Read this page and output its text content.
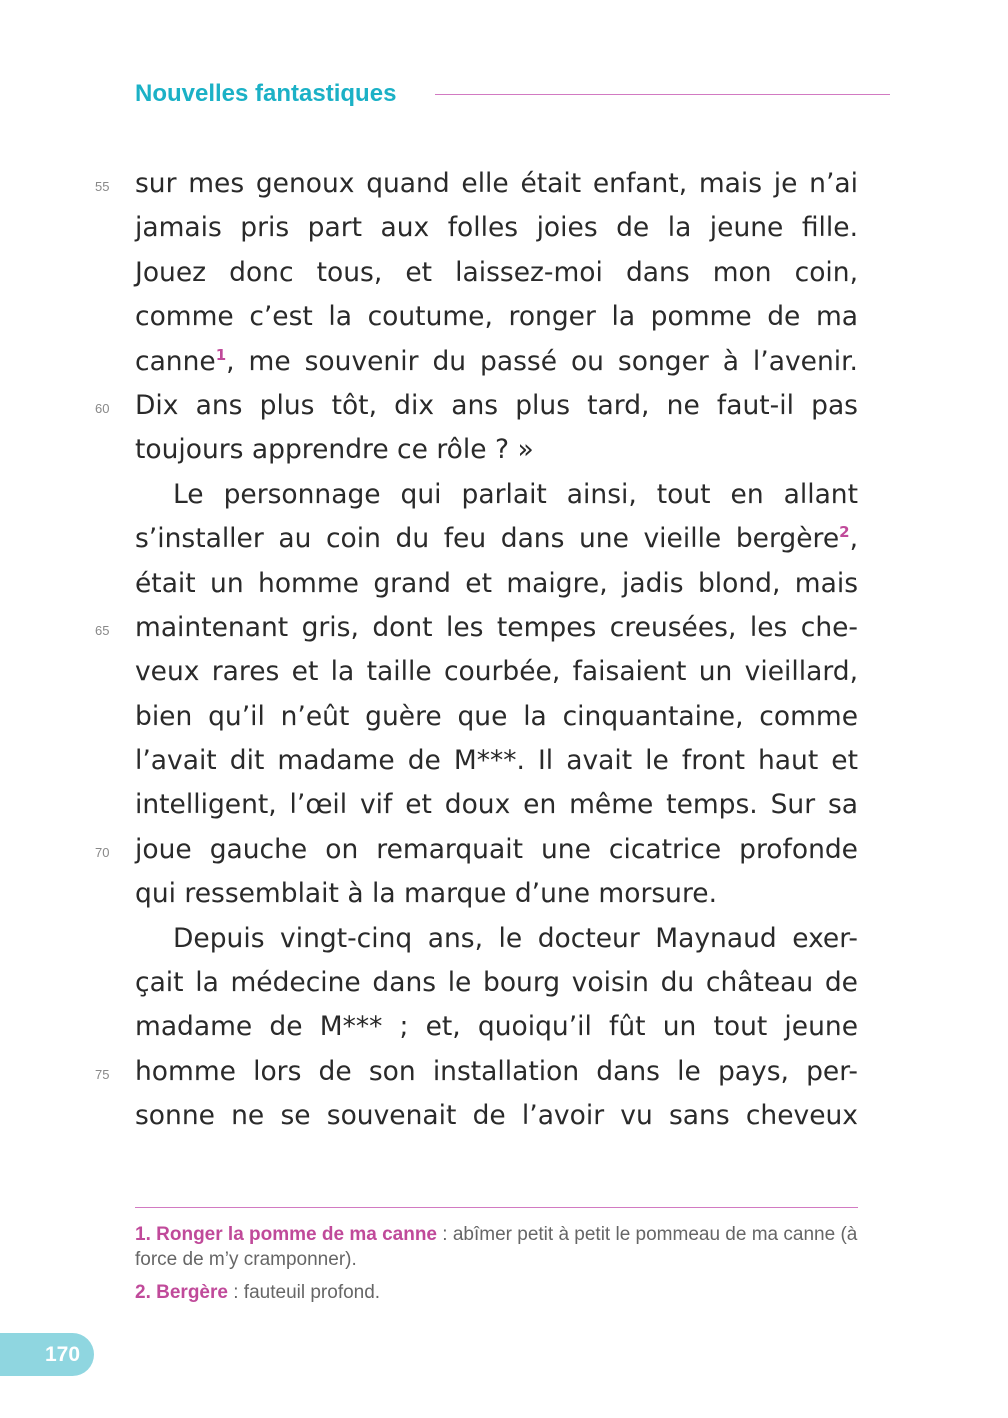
Nouvelles fantastiques
55 sur mes genoux quand elle était enfant, mais je n’ai
jamais pris part aux folles joies de la jeune fille.
Jouez donc tous, et laissez-moi dans mon coin,
comme c’est la coutume, ronger la pomme de ma
canne$^1$, me souvenir du passé ou songer à l’avenir.
60 Dix ans plus tôt, dix ans plus tard, ne faut-il pas
toujours apprendre ce rôle ? »
Le personnage qui parlait ainsi, tout en allant
s’installer au coin du feu dans une vieille bergère$^2$,
était un homme grand et maigre, jadis blond, mais
65 maintenant gris, dont les tempes creusées, les che-
veux rares et la taille courbée, faisaient un vieillard,
bien qu’il n’eût guère que la cinquantaine, comme
l’avait dit madame de M***. Il avait le front haut et
intelligent, l’œil vif et doux en même temps. Sur sa
70 joue gauche on remarquait une cicatrice profonde
qui ressemblait à la marque d’une morsure.
Depuis vingt-cinq ans, le docteur Maynaud exer-
çait la médecine dans le bourg voisin du château de
madame de M*** ; et, quoiqu’il fût un tout jeune
75 homme lors de son installation dans le pays, per-
sonne ne se souvenait de l’avoir vu sans cheveux
1. Ronger la pomme de ma canne : abîmer petit à petit le pommeau de ma canne (à force de m’y cramponner).
2. Bergère : fauteuil profond.
170
